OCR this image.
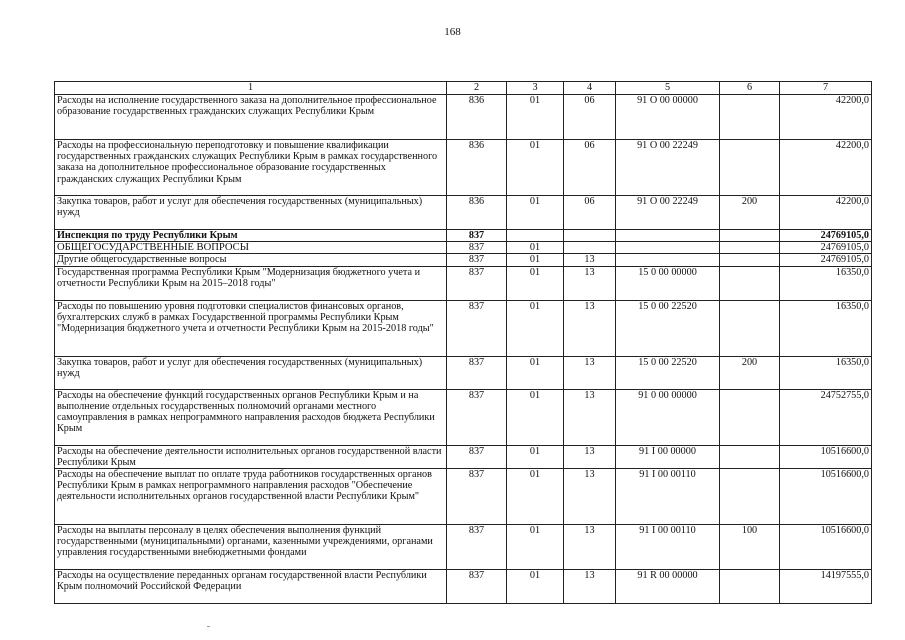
168
1	2	3	4	5	6	7
Расходы на исполнение государственного заказа на дополнительное профессиональное образование государственных гражданских служащих Республики Крым	836	01	06	91 О 00 00000		42200,0
Расходы на профессиональную переподготовку и повышение квалификации государственных гражданских служащих Республики Крым в рамках государственного заказа на дополнительное профессиональное образование государственных гражданских служащих Республики Крым	836	01	06	91 О 00 22249		42200,0
Закупка товаров, работ и услуг для обеспечения государственных (муниципальных) нужд	836	01	06	91 О 00 22249	200	42200,0
Инспекция по труду Республики Крым	837					24769105,0
ОБЩЕГОСУДАРСТВЕННЫЕ ВОПРОСЫ	837	01				24769105,0
Другие общегосударственные вопросы	837	01	13			24769105,0
Государственная программа Республики Крым "Модернизация бюджетного учета и отчетности Республики Крым на 2015–2018 годы"	837	01	13	15 0 00 00000		16350,0
Расходы по повышению уровня подготовки специалистов финансовых органов, бухгалтерских служб в рамках Государственной программы Республики Крым "Модернизация бюджетного учета и отчетности Республики Крым на 2015-2018 годы"	837	01	13	15 0 00 22520		16350,0
Закупка товаров, работ и услуг для обеспечения государственных (муниципальных) нужд	837	01	13	15 0 00 22520	200	16350,0
Расходы на обеспечение функций государственных органов Республики Крым и на выполнение отдельных государственных полномочий органами местного самоуправления в рамках непрограммного направления расходов бюджета Республики Крым	837	01	13	91 0 00 00000		24752755,0
Расходы на обеспечение деятельности исполнительных органов государственной власти Республики Крым	837	01	13	91 I 00 00000		10516600,0
Расходы на обеспечение выплат по оплате труда работников государственных органов Республики Крым в рамках непрограммного направления расходов "Обеспечение деятельности исполнительных органов государственной власти Республики Крым"	837	01	13	91 I 00 00110		10516600,0
Расходы на выплаты персоналу в целях обеспечения выполнения функций государственными (муниципальными) органами, казенными учреждениями, органами управления государственными внебюджетными фондами	837	01	13	91 I 00 00110	100	10516600,0
Расходы на осуществление переданных органам государственной власти Республики Крым полномочий Российской Федерации	837	01	13	91 R 00 00000		14197555,0
